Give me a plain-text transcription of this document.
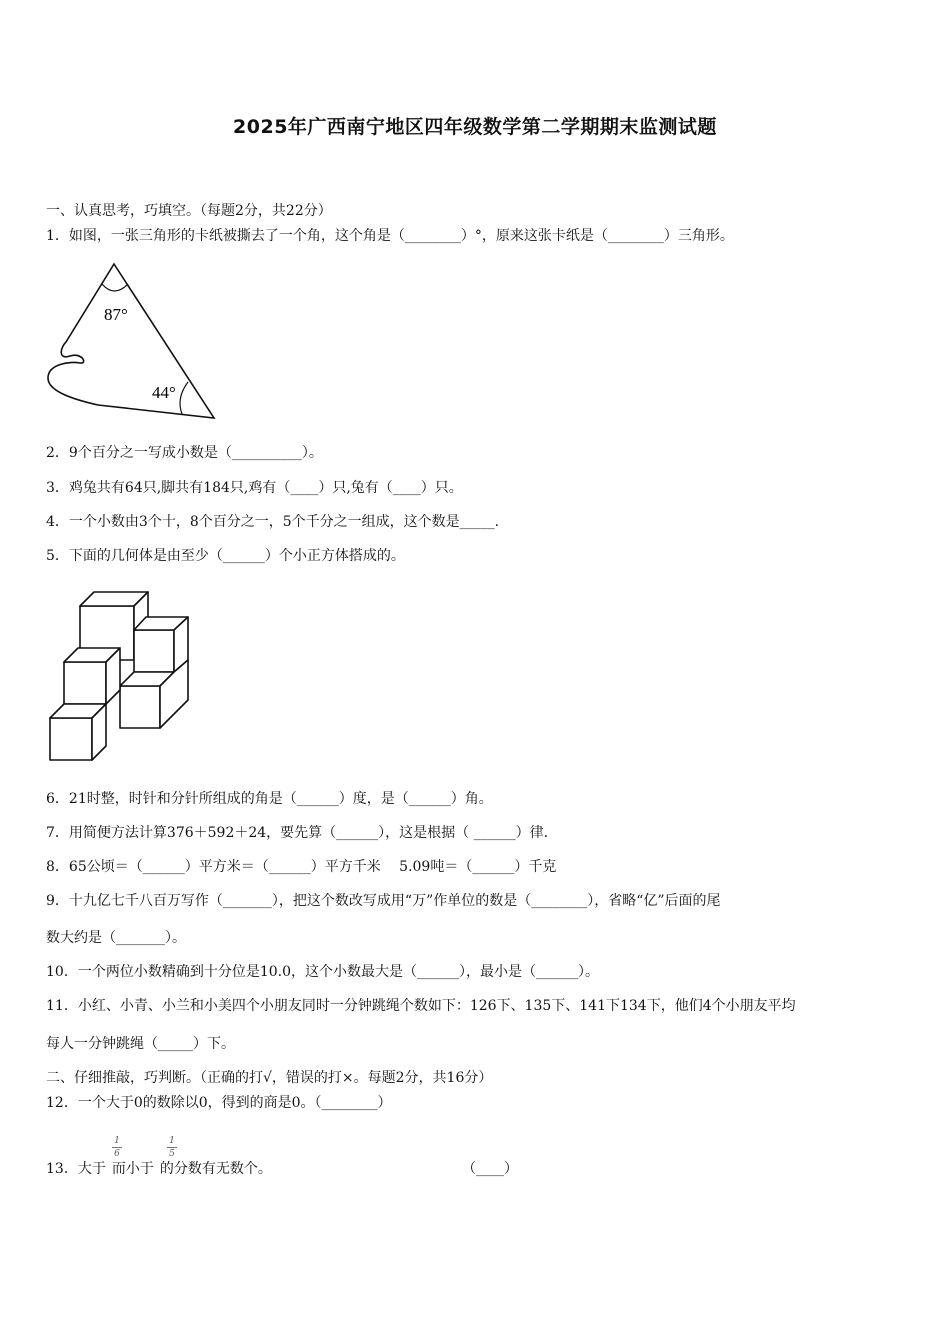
2025年广西南宁地区四年级数学第二学期期末监测试题
一、认真思考，巧填空。（每题2分，共22分）
1．如图，一张三角形的卡纸被撕去了一个角，这个角是（________）°，原来这张卡纸是（________）三角形。
87°
44°
2．9个百分之一写成小数是（__________）。
3．鸡兔共有64只,脚共有184只,鸡有（____）只,兔有（____）只。
4．一个小数由3个十，8个百分之一，5个千分之一组成，这个数是_____.
5．下面的几何体是由至少（______）个小正方体搭成的。
6．21时整，时针和分针所组成的角是（______）度，是（______）角。
7．用简便方法计算376＋592＋24，要先算（______），这是根据（ ______）律.
8．65公顷＝（______）平方米＝（______）平方千米　 5.09吨＝（______）千克
9．十九亿七千八百万写作（_______），把这个数改写成用“万”作单位的数是（________），省略“亿”后面的尾
数大约是（_______）。
10．一个两位小数精确到十分位是10.0，这个小数最大是（______），最小是（______）。
11．小红、小青、小兰和小美四个小朋友同时一分钟跳绳个数如下：126下、135下、141下134下，他们4个小朋友平均
每人一分钟跳绳（_____）下。
二、仔细推敲，巧判断。（正确的打√，错误的打×。每题2分，共16分）
12．一个大于0的数除以0，得到的商是0。（________）
13．大于 而小于 的分数有无数个。
1
6
1
5
（____）
